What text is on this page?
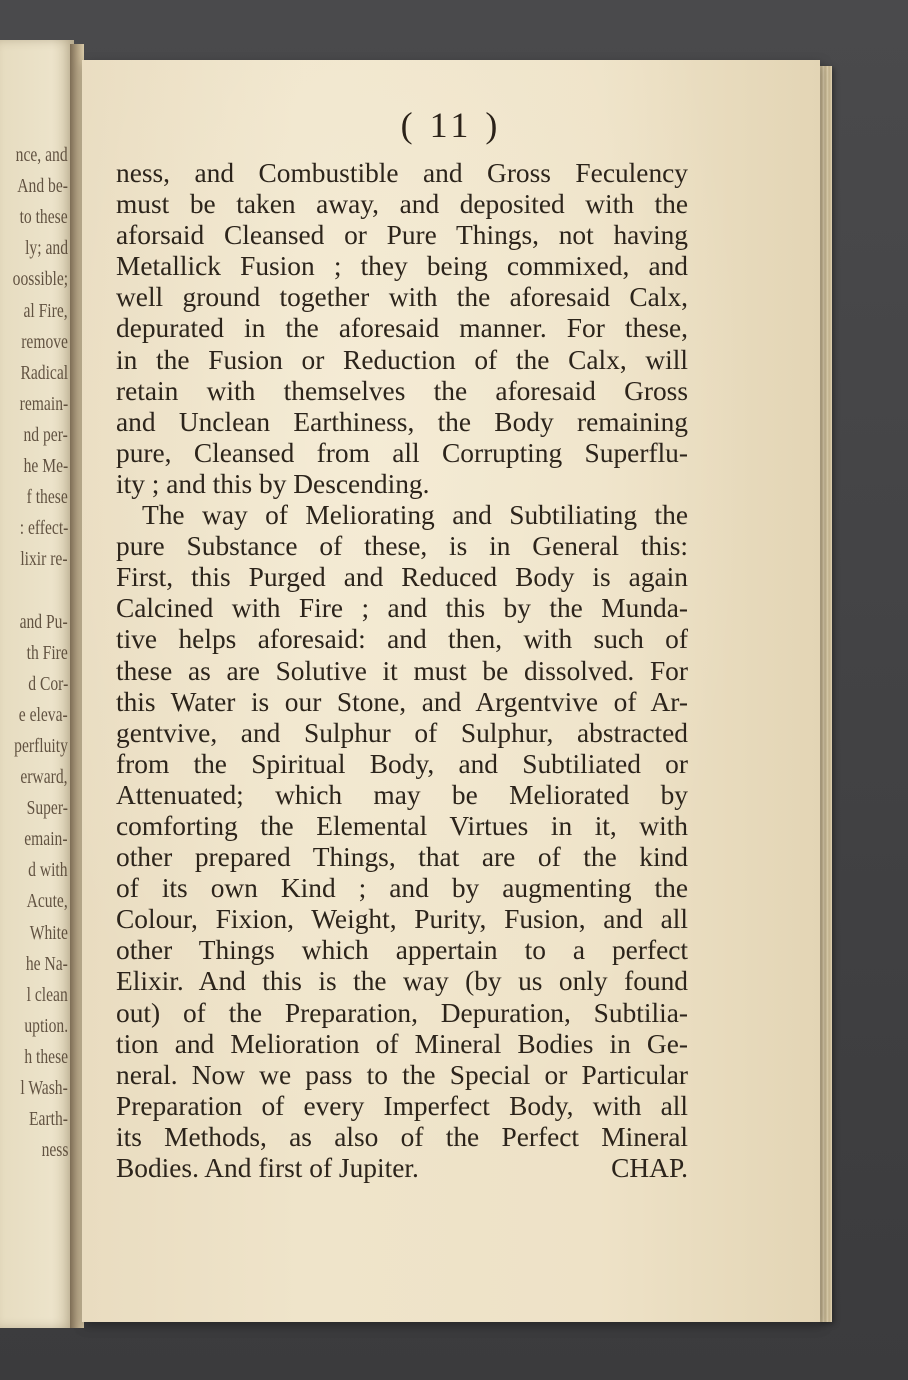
nce, and
And be-
to these
ly; and
oossible;
al Fire,
remove
Radical
remain-
nd per-
he Me-
f these
: effect-
lixir re-
and Pu-
th Fire
d Cor-
e eleva-
perfluity
erward,
Super-
emain-
d with
Acute,
White
he Na-
l clean
uption.
h these
l Wash-
Earth-
ness
( 11 )
ness, and Combustible and Gross Feculency
must be taken away, and deposited with the
aforsaid Cleansed or Pure Things, not having
Metallick Fusion ; they being commixed, and
well ground together with the aforesaid Calx,
depurated in the aforesaid manner. For these,
in the Fusion or Reduction of the Calx, will
retain with themselves the aforesaid Gross
and Unclean Earthiness, the Body remaining
pure, Cleansed from all Corrupting Superflu-
ity ; and this by Descending.
The way of Meliorating and Subtiliating the
pure Substance of these, is in General this:
First, this Purged and Reduced Body is again
Calcined with Fire ; and this by the Munda-
tive helps aforesaid: and then, with such of
these as are Solutive it must be dissolved. For
this Water is our Stone, and Argentvive of Ar-
gentvive, and Sulphur of Sulphur, abstracted
from the Spiritual Body, and Subtiliated or
Attenuated; which may be Meliorated by
comforting the Elemental Virtues in it, with
other prepared Things, that are of the kind
of its own Kind ; and by augmenting the
Colour, Fixion, Weight, Purity, Fusion, and all
other Things which appertain to a perfect
Elixir. And this is the way (by us only found
out) of the Preparation, Depuration, Subtilia-
tion and Melioration of Mineral Bodies in Ge-
neral. Now we pass to the Special or Particular
Preparation of every Imperfect Body, with all
its Methods, as also of the Perfect Mineral
Bodies. And first of Jupiter.	CHAP.
